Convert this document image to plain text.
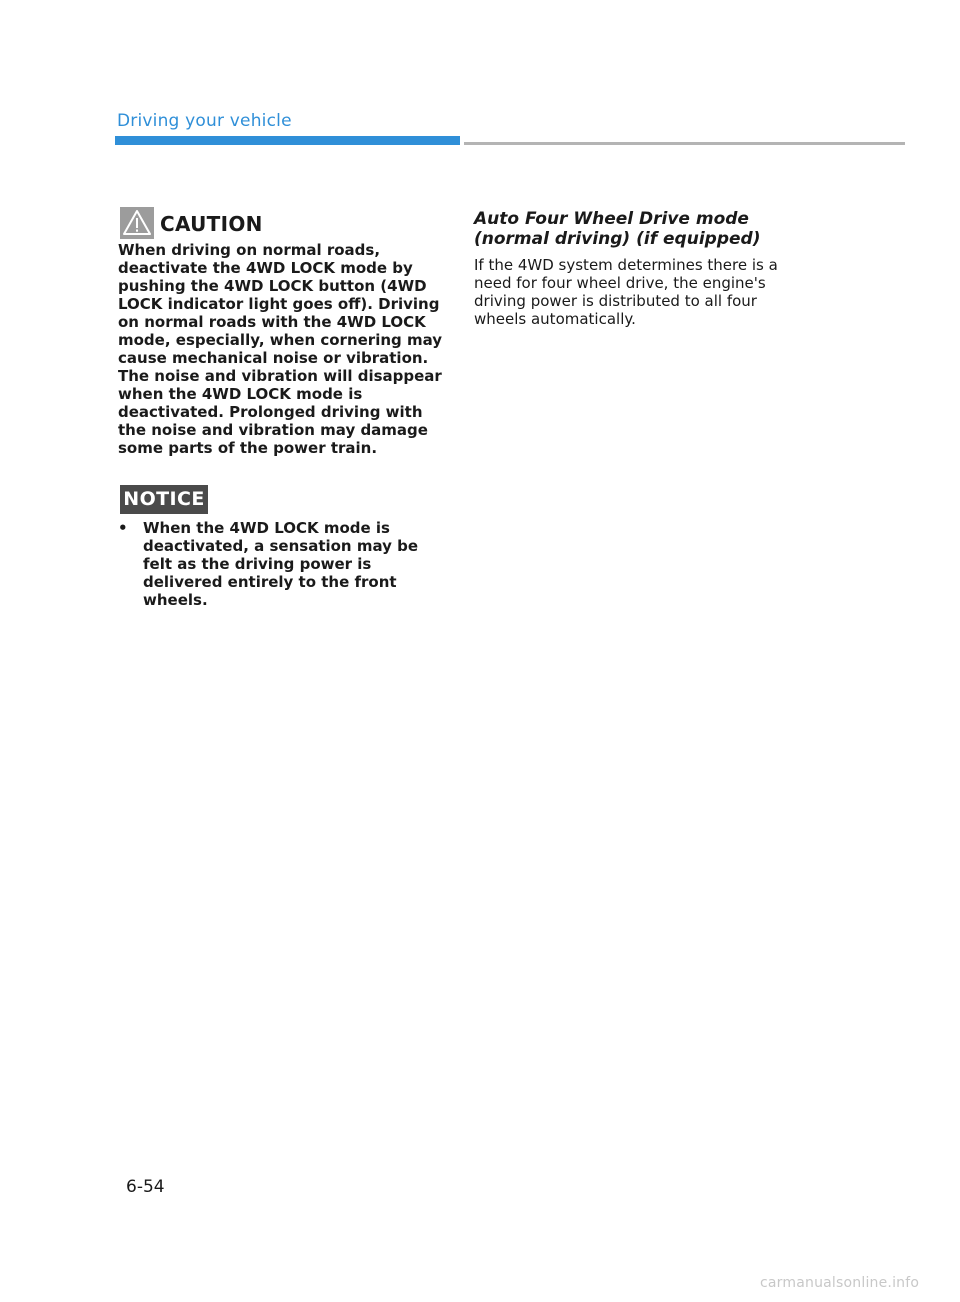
Driving your vehicle
CAUTION

When driving on normal roads, deactivate the 4WD LOCK mode by pushing the 4WD LOCK button (4WD LOCK indicator light goes off). Driving on normal roads with the 4WD LOCK mode, especially, when cornering may cause mechanical noise or vibration. The noise and vibration will disappear when the 4WD LOCK mode is deactivated. Prolonged driving with the noise and vibration may damage some parts of the power train.

NOTICE
• When the 4WD LOCK mode is deactivated, a sensation may be felt as the driving power is delivered entirely to the front wheels.
Auto Four Wheel Drive mode (normal driving) (if equipped)

If the 4WD system determines there is a need for four wheel drive, the engine's driving power is distributed to all four wheels automatically.

6-54
carmanualsonline.info
